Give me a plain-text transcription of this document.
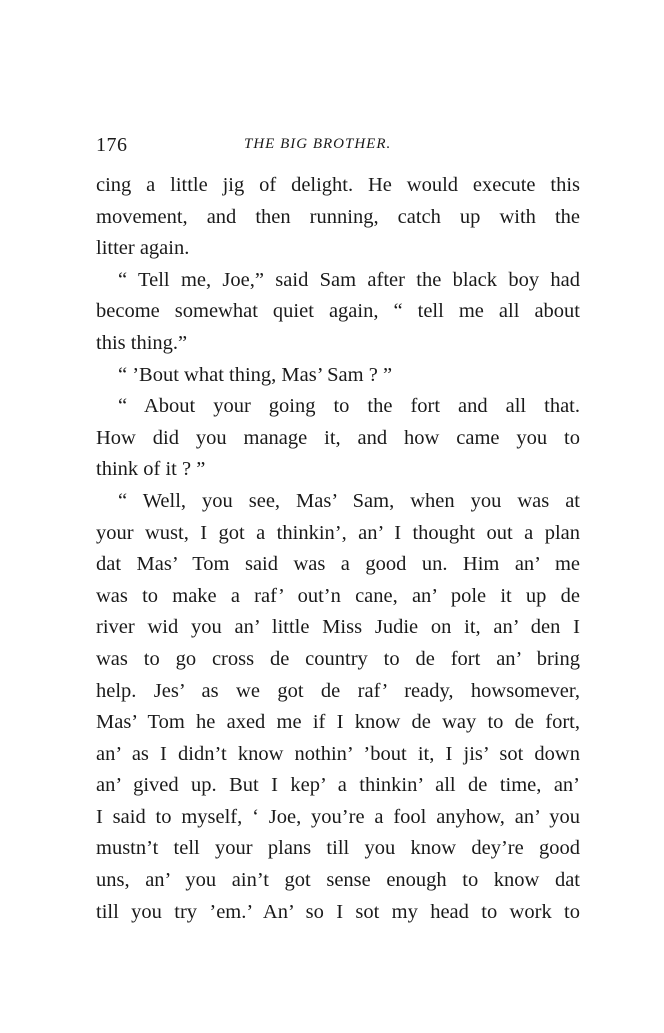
176	THE BIG BROTHER.
cing a little jig of delight. He would execute this
movement, and then running, catch up with the
litter again.
“ Tell me, Joe,” said Sam after the black boy had
become somewhat quiet again, “ tell me all about
this thing.”
“ ’Bout what thing, Mas’ Sam ? ”
“ About your going to the fort and all that.
How did you manage it, and how came you to
think of it ? ”
“ Well, you see, Mas’ Sam, when you was at
your wust, I got a thinkin’, an’ I thought out a plan
dat Mas’ Tom said was a good un. Him an’ me
was to make a raf’ out’n cane, an’ pole it up de
river wid you an’ little Miss Judie on it, an’ den I
was to go cross de country to de fort an’ bring
help. Jes’ as we got de raf’ ready, howsomever,
Mas’ Tom he axed me if I know de way to de fort,
an’ as I didn’t know nothin’ ’bout it, I jis’ sot down
an’ gived up. But I kep’ a thinkin’ all de time, an’
I said to myself, ‘ Joe, you’re a fool anyhow, an’ you
mustn’t tell your plans till you know dey’re good
uns, an’ you ain’t got sense enough to know dat
till you try ’em.’ An’ so I sot my head to work to
